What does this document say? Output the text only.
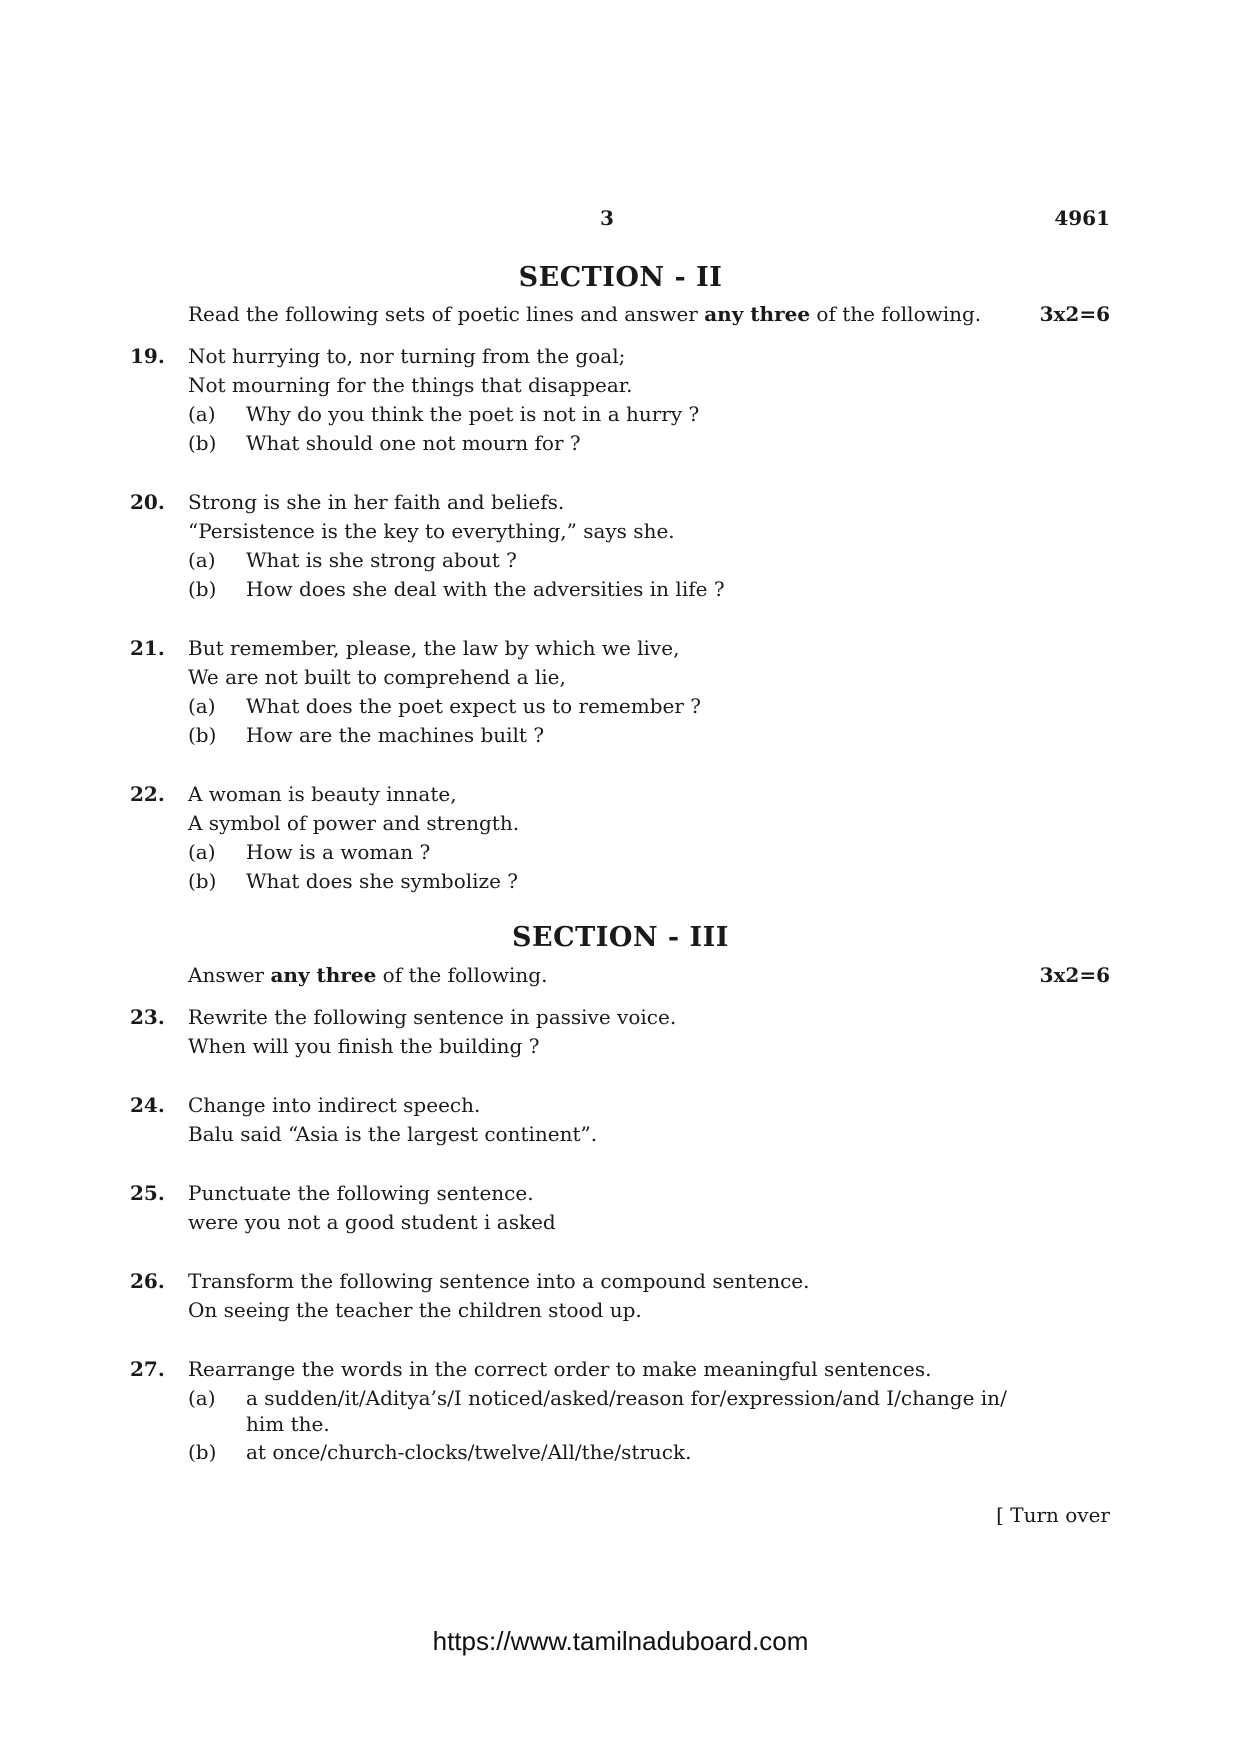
3	4961
SECTION - II
Read the following sets of poetic lines and answer any three of the following.	3x2=6
19. Not hurrying to, nor turning from the goal;
Not mourning for the things that disappear.
(a) Why do you think the poet is not in a hurry ?
(b) What should one not mourn for ?
20. Strong is she in her faith and beliefs.
“Persistence is the key to everything,” says she.
(a) What is she strong about ?
(b) How does she deal with the adversities in life ?
21. But remember, please, the law by which we live,
We are not built to comprehend a lie,
(a) What does the poet expect us to remember ?
(b) How are the machines built ?
22. A woman is beauty innate,
A symbol of power and strength.
(a) How is a woman ?
(b) What does she symbolize ?
SECTION - III
Answer any three of the following.	3x2=6
23. Rewrite the following sentence in passive voice.
When will you finish the building ?
24. Change into indirect speech.
Balu said “Asia is the largest continent”.
25. Punctuate the following sentence.
were you not a good student i asked
26. Transform the following sentence into a compound sentence.
On seeing the teacher the children stood up.
27. Rearrange the words in the correct order to make meaningful sentences.
(a) a sudden/it/Aditya’s/I noticed/asked/reason for/expression/and I/change in/
him the.
(b) at once/church-clocks/twelve/All/the/struck.
[ Turn over
https://www.tamilnaduboard.com
